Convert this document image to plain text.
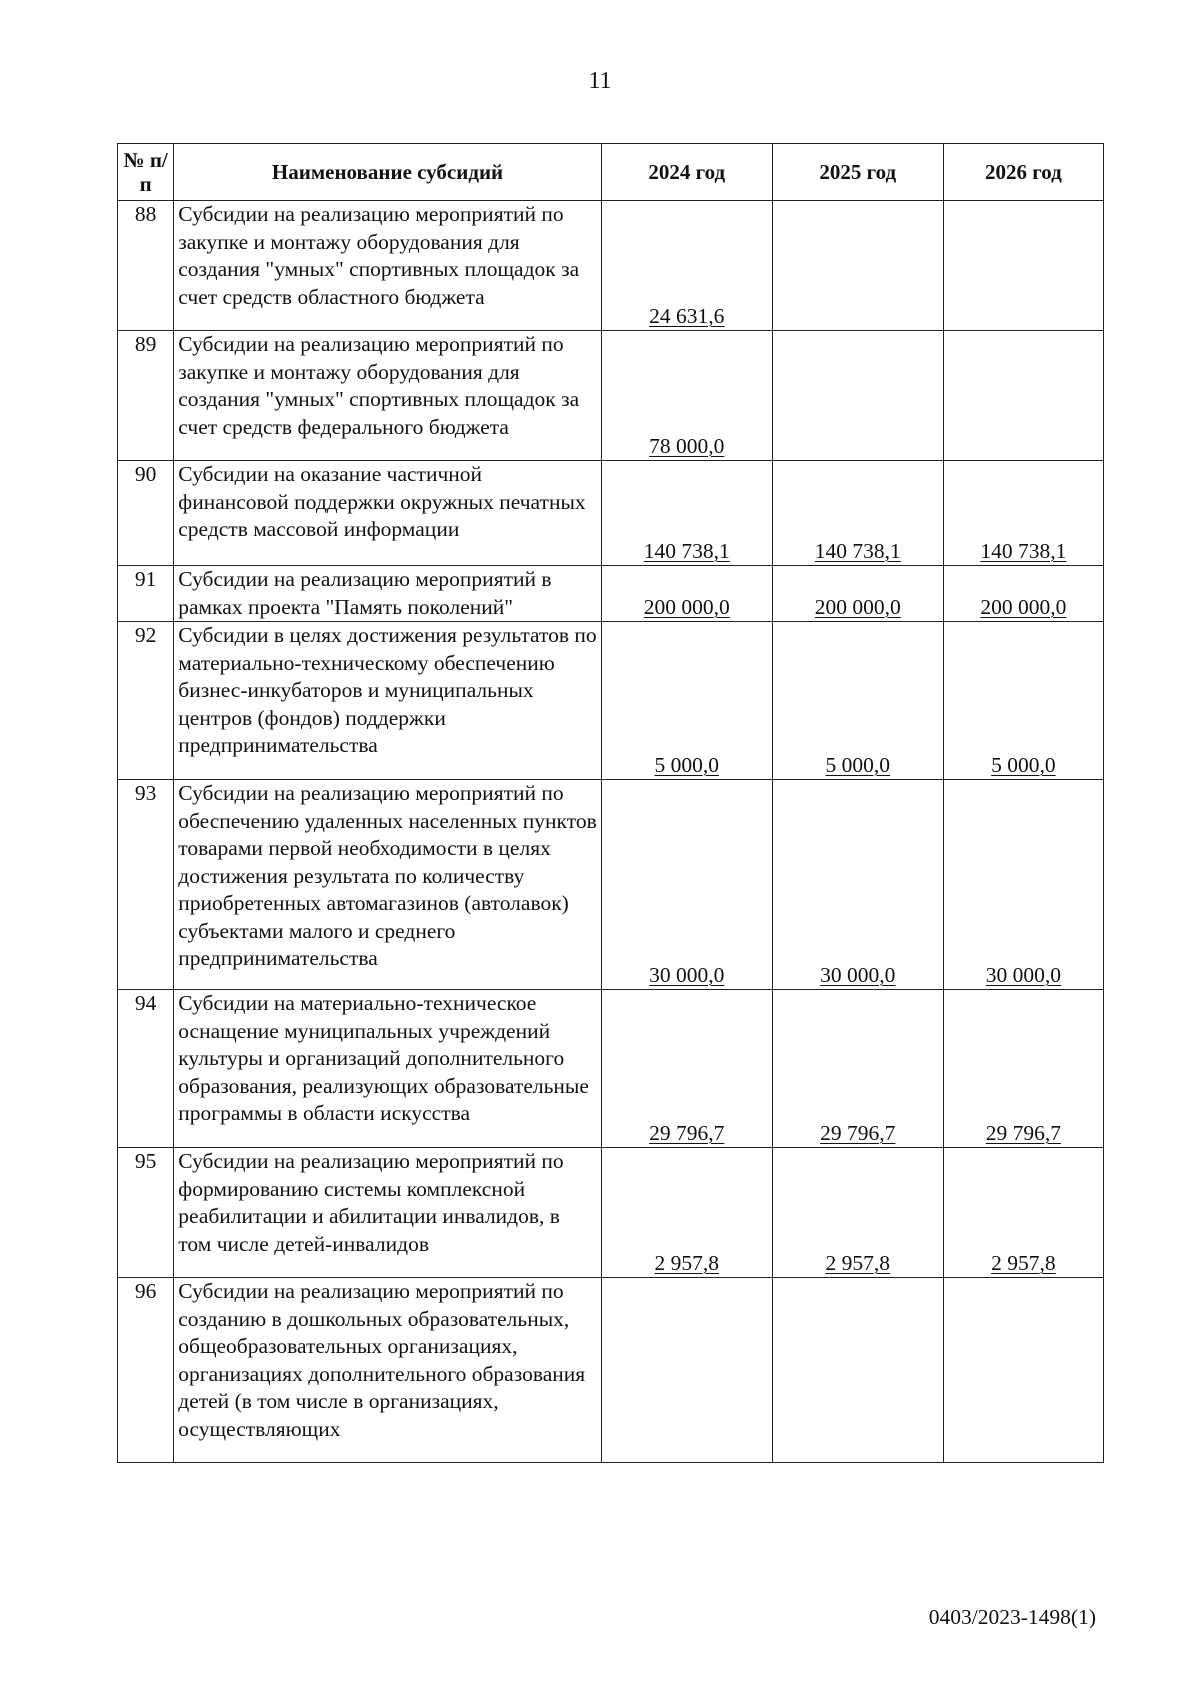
11
№ п/п	Наименование субсидий	2024 год	2025 год	2026 год
88	Субсидии на реализацию мероприятий по закупке и монтажу оборудования для создания "умных" спортивных площадок за счет средств областного бюджета	24 631,6		
89	Субсидии на реализацию мероприятий по закупке и монтажу оборудования для создания "умных" спортивных площадок за счет средств федерального бюджета	78 000,0		
90	Субсидии на оказание частичной финансовой поддержки окружных печатных средств массовой информации	140 738,1	140 738,1	140 738,1
91	Субсидии на реализацию мероприятий в рамках проекта "Память поколений"	200 000,0	200 000,0	200 000,0
92	Субсидии в целях достижения результатов по материально-техническому обеспечению бизнес-инкубаторов и муниципальных центров (фондов) поддержки предпринимательства	5 000,0	5 000,0	5 000,0
93	Субсидии на реализацию мероприятий по обеспечению удаленных населенных пунктов товарами первой необходимости в целях достижения результата по количеству приобретенных автомагазинов (автолавок) субъектами малого и среднего предпринимательства	30 000,0	30 000,0	30 000,0
94	Субсидии на материально-техническое оснащение муниципальных учреждений культуры и организаций дополнительного образования, реализующих образовательные программы в области искусства	29 796,7	29 796,7	29 796,7
95	Субсидии на реализацию мероприятий по формированию системы комплексной реабилитации и абилитации инвалидов, в том числе детей-инвалидов	2 957,8	2 957,8	2 957,8
96	Субсидии на реализацию мероприятий по созданию в дошкольных образовательных, общеобразовательных организациях, организациях дополнительного образования детей (в том числе в организациях, осуществляющих			
0403/2023-1498(1)
